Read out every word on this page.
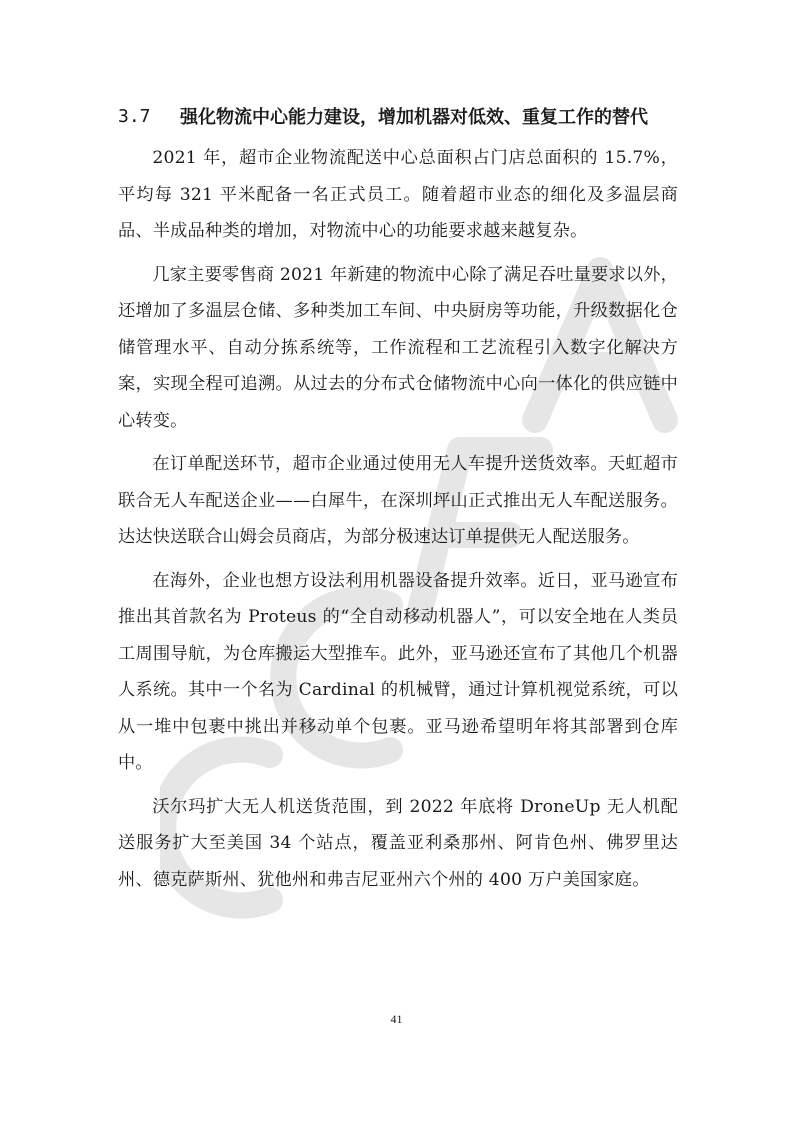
3.7	强化物流中心能力建设，增加机器对低效、重复工作的替代

2021 年，超市企业物流配送中心总面积占门店总面积的 15.7%，平均每 321 平米配备一名正式员工。随着超市业态的细化及多温层商品、半成品种类的增加，对物流中心的功能要求越来越复杂。

几家主要零售商 2021 年新建的物流中心除了满足吞吐量要求以外，还增加了多温层仓储、多种类加工车间、中央厨房等功能，升级数据化仓储管理水平、自动分拣系统等，工作流程和工艺流程引入数字化解决方案，实现全程可追溯。从过去的分布式仓储物流中心向一体化的供应链中心转变。

在订单配送环节，超市企业通过使用无人车提升送货效率。天虹超市联合无人车配送企业——白犀牛，在深圳坪山正式推出无人车配送服务。达达快送联合山姆会员商店，为部分极速达订单提供无人配送服务。

在海外，企业也想方设法利用机器设备提升效率。近日，亚马逊宣布推出其首款名为 Proteus 的“全自动移动机器人”，可以安全地在人类员工周围导航，为仓库搬运大型推车。此外，亚马逊还宣布了其他几个机器人系统。其中一个名为 Cardinal 的机械臂，通过计算机视觉系统，可以从一堆中包裹中挑出并移动单个包裹。亚马逊希望明年将其部署到仓库中。

沃尔玛扩大无人机送货范围，到 2022 年底将 DroneUp 无人机配送服务扩大至美国 34 个站点，覆盖亚利桑那州、阿肯色州、佛罗里达州、德克萨斯州、犹他州和弗吉尼亚州六个州的 400 万户美国家庭。

41
